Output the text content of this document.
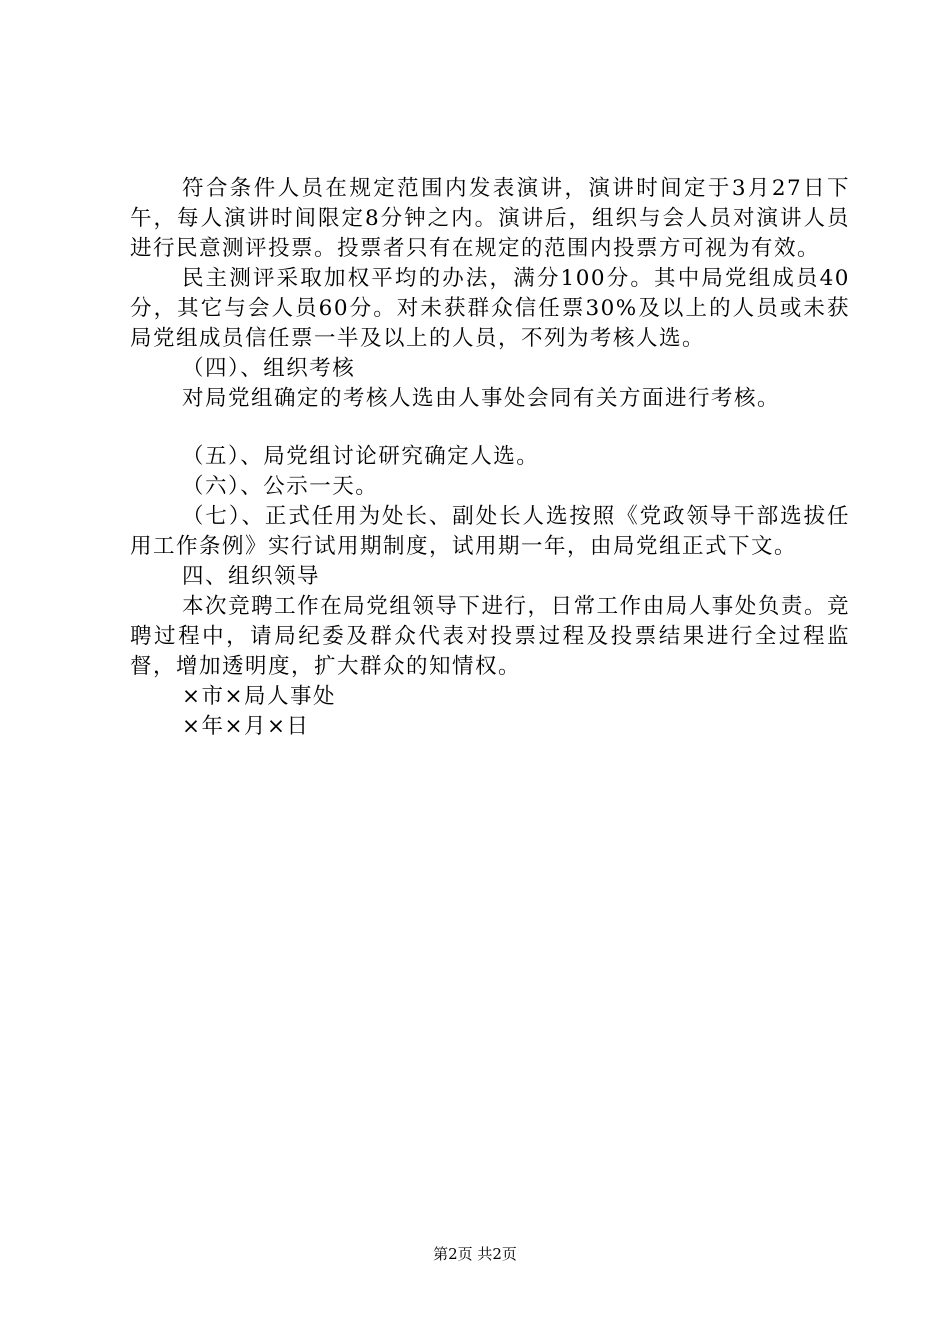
符合条件人员在规定范围内发表演讲，演讲时间定于3月27日下午，每人演讲时间限定8分钟之内。演讲后，组织与会人员对演讲人员进行民意测评投票。投票者只有在规定的范围内投票方可视为有效。

民主测评采取加权平均的办法，满分100分。其中局党组成员40分，其它与会人员60分。对未获群众信任票30%及以上的人员或未获局党组成员信任票一半及以上的人员，不列为考核人选。

（四）、组织考核

对局党组确定的考核人选由人事处会同有关方面进行考核。

（五）、局党组讨论研究确定人选。

（六）、公示一天。

（七）、正式任用为处长、副处长人选按照《党政领导干部选拔任用工作条例》实行试用期制度，试用期一年，由局党组正式下文。

四、组织领导

本次竞聘工作在局党组领导下进行，日常工作由局人事处负责。竞聘过程中，请局纪委及群众代表对投票过程及投票结果进行全过程监督，增加透明度，扩大群众的知情权。

×市×局人事处

×年×月×日

第2页 共2页
